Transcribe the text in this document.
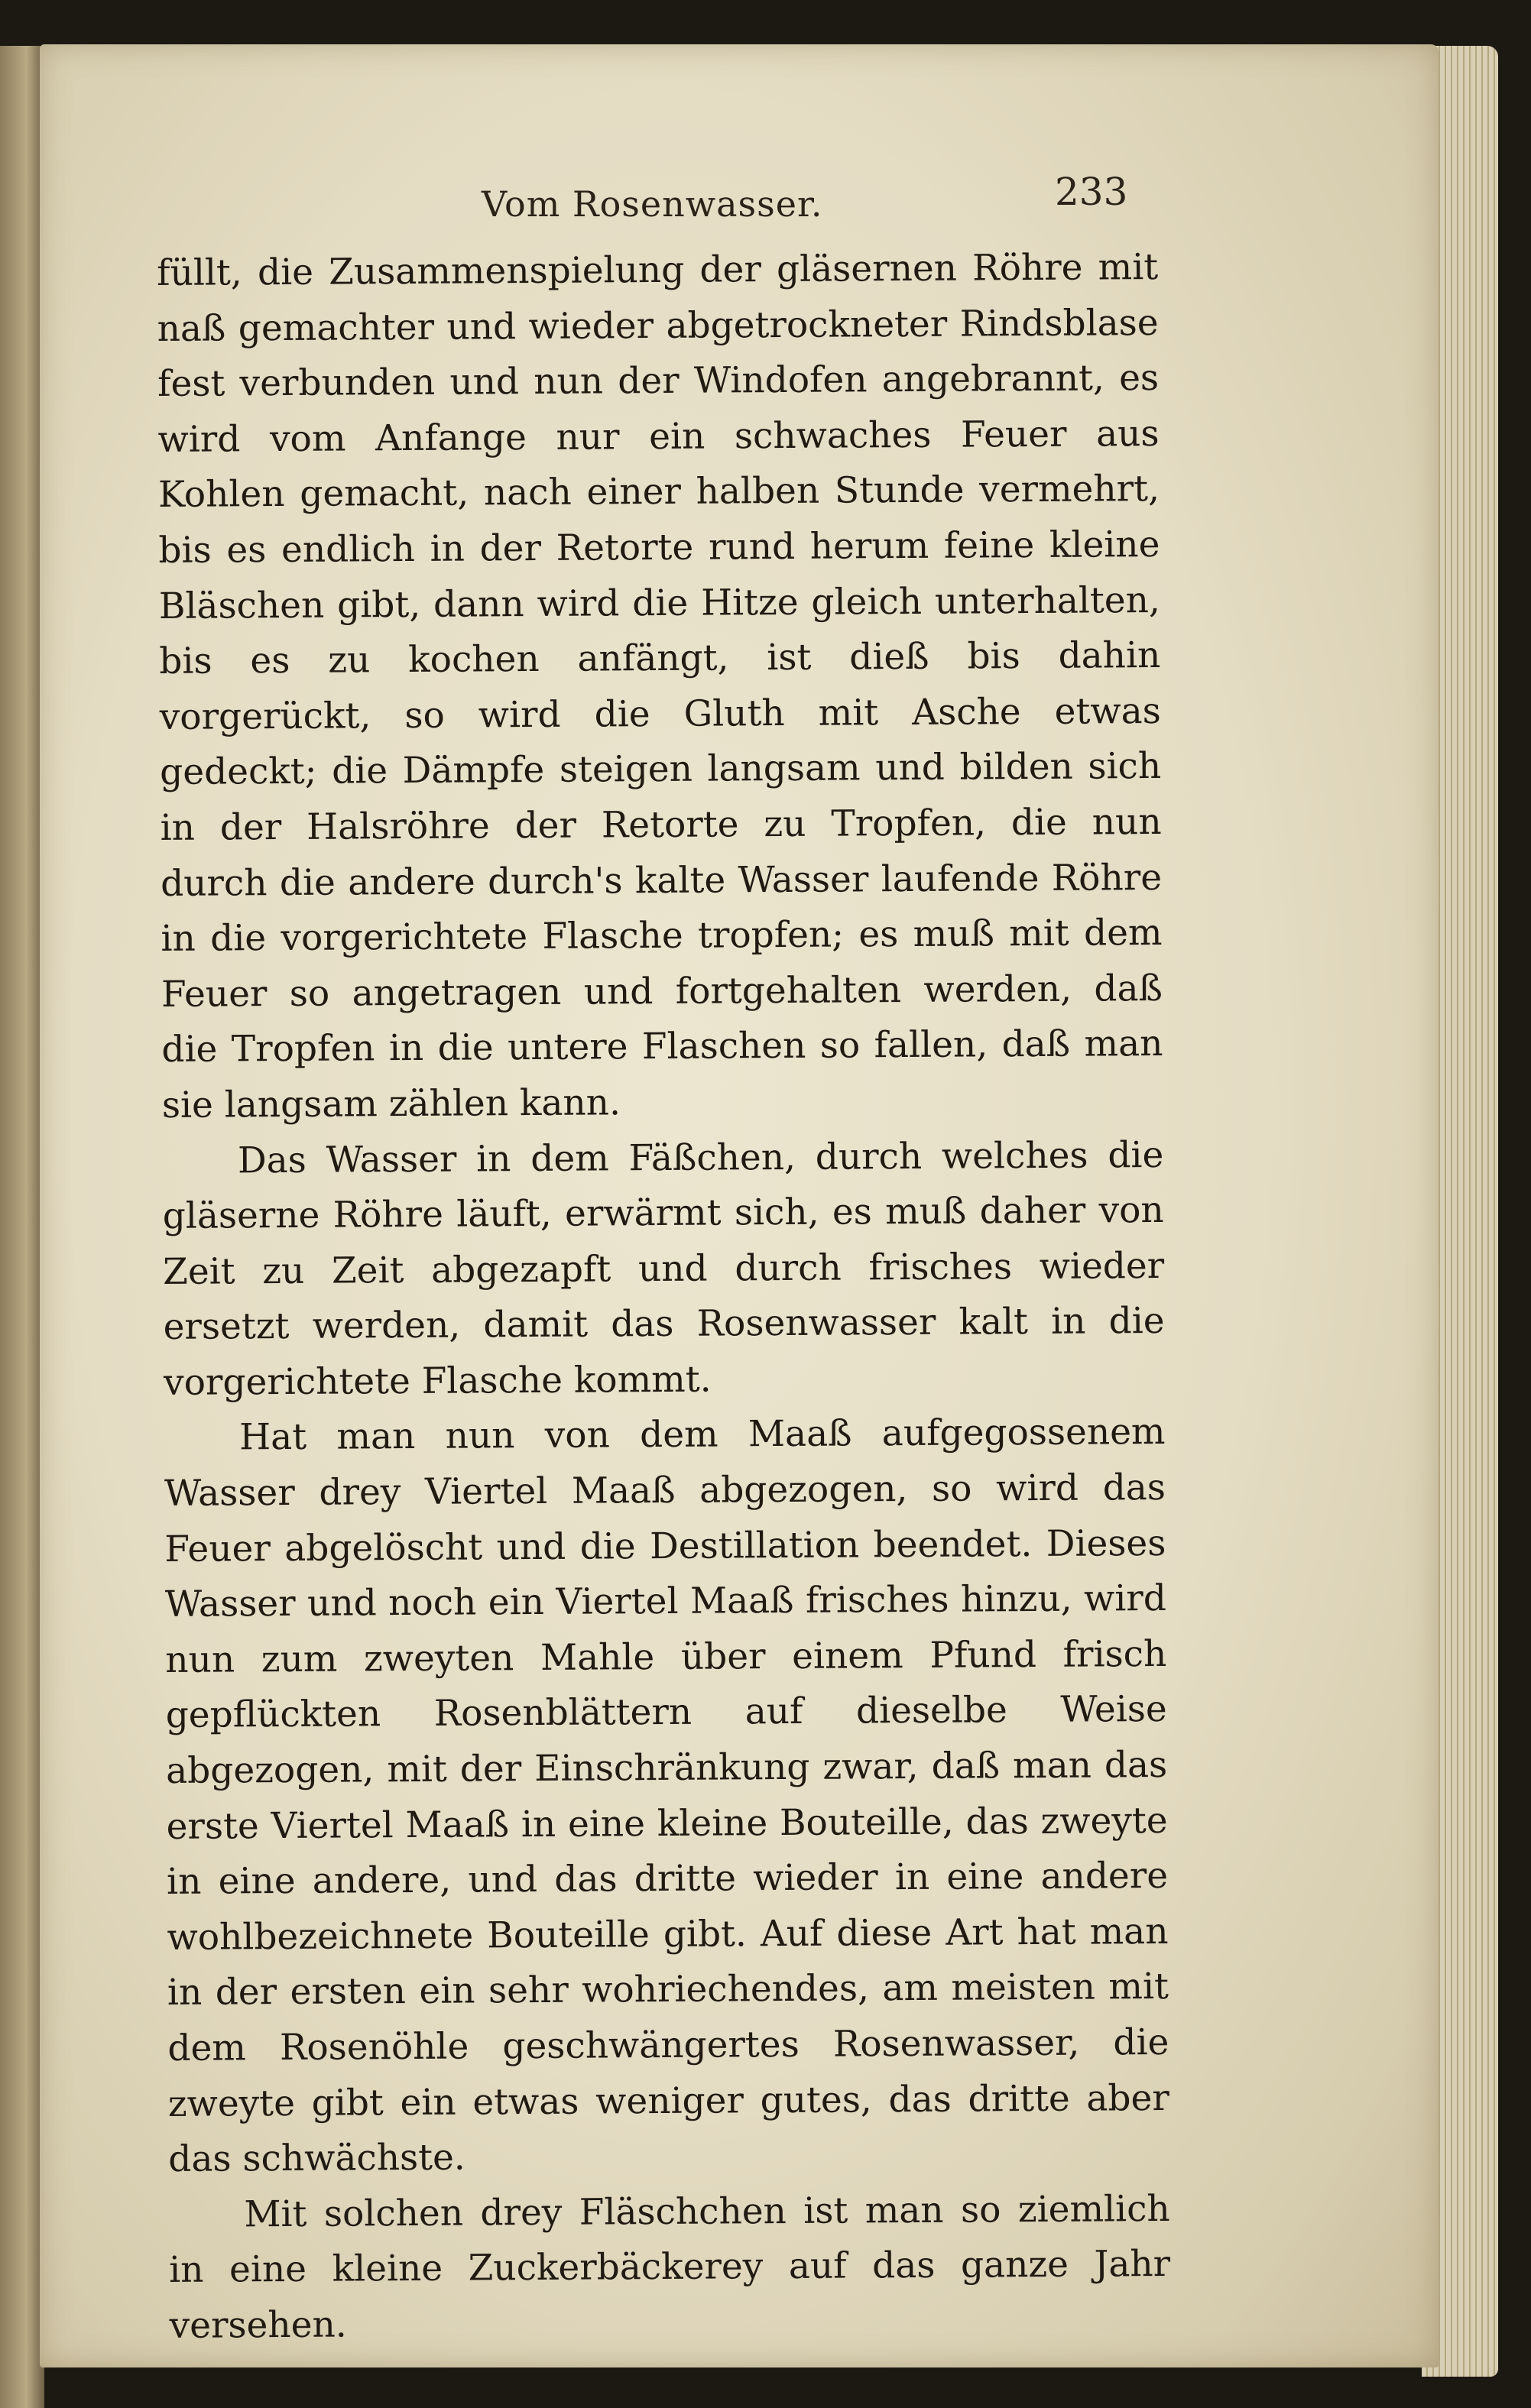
Vom Rosenwasser.	233

füllt, die Zusammenspielung der gläsernen Röhre mit naß gemachter und wieder abgetrockneter Rindsblase fest verbunden und nun der Windofen angebrannt, es wird vom Anfange nur ein schwaches Feuer aus Kohlen gemacht, nach einer halben Stunde vermehrt, bis es endlich in der Retorte rund herum feine kleine Bläschen gibt, dann wird die Hitze gleich unterhalten, bis es zu kochen anfängt, ist dieß bis dahin vorgerückt, so wird die Gluth mit Asche etwas gedeckt; die Dämpfe steigen langsam und bilden sich in der Halsröhre der Retorte zu Tropfen, die nun durch die andere durch's kalte Wasser laufende Röhre in die vorgerichtete Flasche tropfen; es muß mit dem Feuer so angetragen und fortgehalten werden, daß die Tropfen in die untere Flaschen so fallen, daß man sie langsam zählen kann.

Das Wasser in dem Fäßchen, durch welches die gläserne Röhre läuft, erwärmt sich, es muß daher von Zeit zu Zeit abgezapft und durch frisches wieder ersetzt werden, damit das Rosenwasser kalt in die vorgerichtete Flasche kommt.

Hat man nun von dem Maaß aufgegossenem Wasser drey Viertel Maaß abgezogen, so wird das Feuer abgelöscht und die Destillation beendet. Dieses Wasser und noch ein Viertel Maaß frisches hinzu, wird nun zum zweyten Mahle über einem Pfund frisch gepflückten Rosenblättern auf dieselbe Weise abgezogen, mit der Einschränkung zwar, daß man das erste Viertel Maaß in eine kleine Bouteille, das zweyte in eine andere, und das dritte wieder in eine andere wohlbezeichnete Bouteille gibt. Auf diese Art hat man in der ersten ein sehr wohriechendes, am meisten mit dem Rosenöhle geschwängertes Rosenwasser, die zweyte gibt ein etwas weniger gutes, das dritte aber das schwächste.

Mit solchen drey Fläschchen ist man so ziemlich in eine kleine Zuckerbäckerey auf das ganze Jahr versehen.
